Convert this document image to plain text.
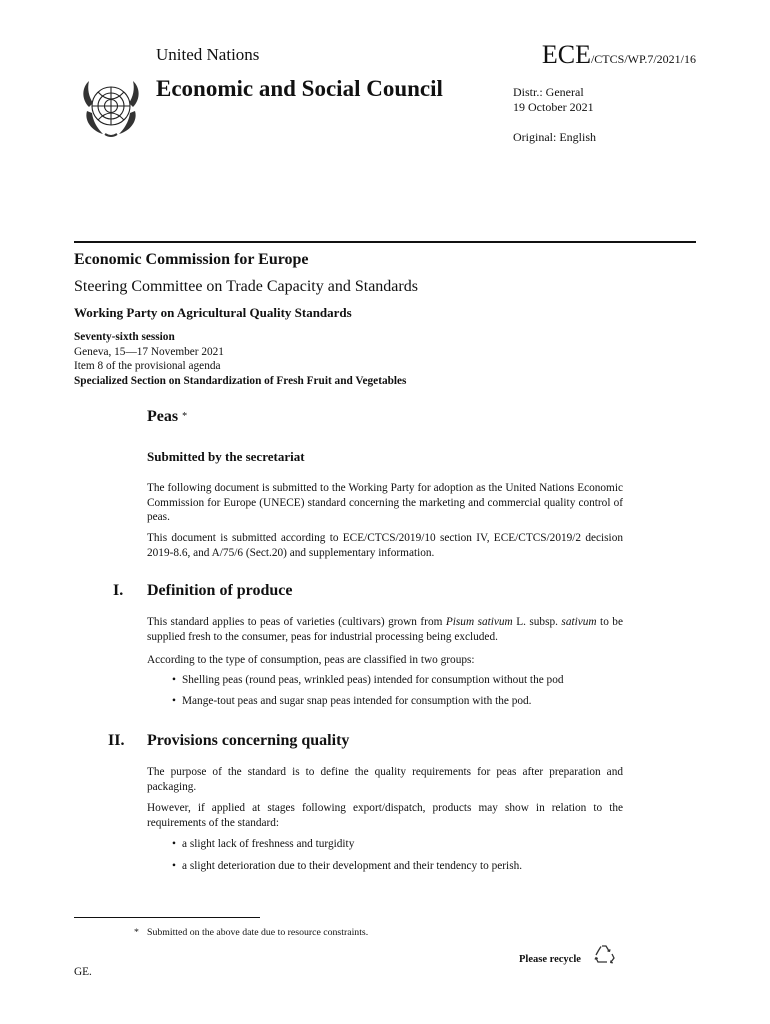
United Nations	ECE/CTCS/WP.7/2021/16
Economic and Social Council	Distr.: General
19 October 2021
Original: English
Economic Commission for Europe
Steering Committee on Trade Capacity and Standards
Working Party on Agricultural Quality Standards
Seventy-sixth session
Geneva, 15—17 November 2021
Item 8 of the provisional agenda
Specialized Section on Standardization of Fresh Fruit and Vegetables
Peas *
Submitted by the secretariat

The following document is submitted to the Working Party for adoption as the United Nations Economic Commission for Europe (UNECE) standard concerning the marketing and commercial quality control of peas.

This document is submitted according to ECE/CTCS/2019/10 section IV, ECE/CTCS/2019/2 decision 2019-8.6, and A/75/6 (Sect.20) and supplementary information.

I. Definition of produce

This standard applies to peas of varieties (cultivars) grown from Pisum sativum L. subsp. sativum to be supplied fresh to the consumer, peas for industrial processing being excluded.

According to the type of consumption, peas are classified in two groups:

• Shelling peas (round peas, wrinkled peas) intended for consumption without the pod
• Mange-tout peas and sugar snap peas intended for consumption with the pod.
II. Provisions concerning quality

The purpose of the standard is to define the quality requirements for peas after preparation and packaging.

However, if applied at stages following export/dispatch, products may show in relation to the requirements of the standard:

• a slight lack of freshness and turgidity
• a slight deterioration due to their development and their tendency to perish.
* Submitted on the above date due to resource constraints.
GE.
Please recycle
